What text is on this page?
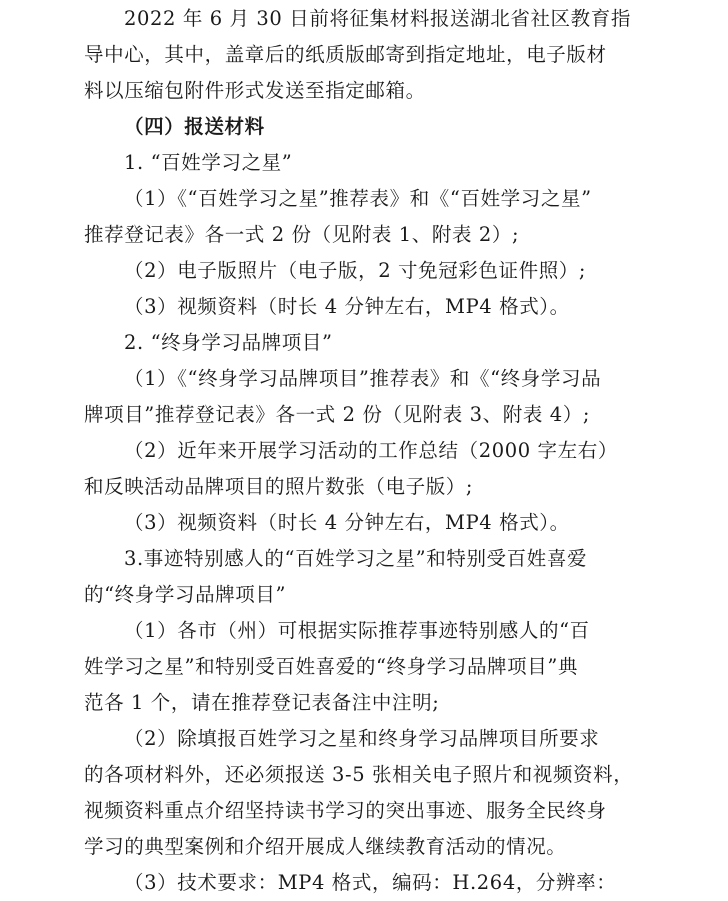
2022 年 6 月 30 日前将征集材料报送湖北省社区教育指
导中心，其中，盖章后的纸质版邮寄到指定地址，电子版材
料以压缩包附件形式发送至指定邮箱。
（四）报送材料
1. “百姓学习之星”
（1）《“百姓学习之星”推荐表》和《“百姓学习之星”
推荐登记表》各一式 2 份（见附表 1、附表 2）;
（2）电子版照片（电子版，2 寸免冠彩色证件照）;
（3）视频资料（时长 4 分钟左右，MP4 格式）。
2. “终身学习品牌项目”
（1）《“终身学习品牌项目”推荐表》和《“终身学习品
牌项目”推荐登记表》各一式 2 份（见附表 3、附表 4）;
（2）近年来开展学习活动的工作总结（2000 字左右）
和反映活动品牌项目的照片数张（电子版）;
（3）视频资料（时长 4 分钟左右，MP4 格式）。
3.事迹特别感人的“百姓学习之星”和特别受百姓喜爱
的“终身学习品牌项目”
（1）各市（州）可根据实际推荐事迹特别感人的“百
姓学习之星”和特别受百姓喜爱的“终身学习品牌项目”典
范各 1 个，请在推荐登记表备注中注明;
（2）除填报百姓学习之星和终身学习品牌项目所要求
的各项材料外，还必须报送 3-5 张相关电子照片和视频资料，
视频资料重点介绍坚持读书学习的突出事迹、服务全民终身
学习的典型案例和介绍开展成人继续教育活动的情况。
（3）技术要求：MP4 格式，编码：H.264，分辨率：
